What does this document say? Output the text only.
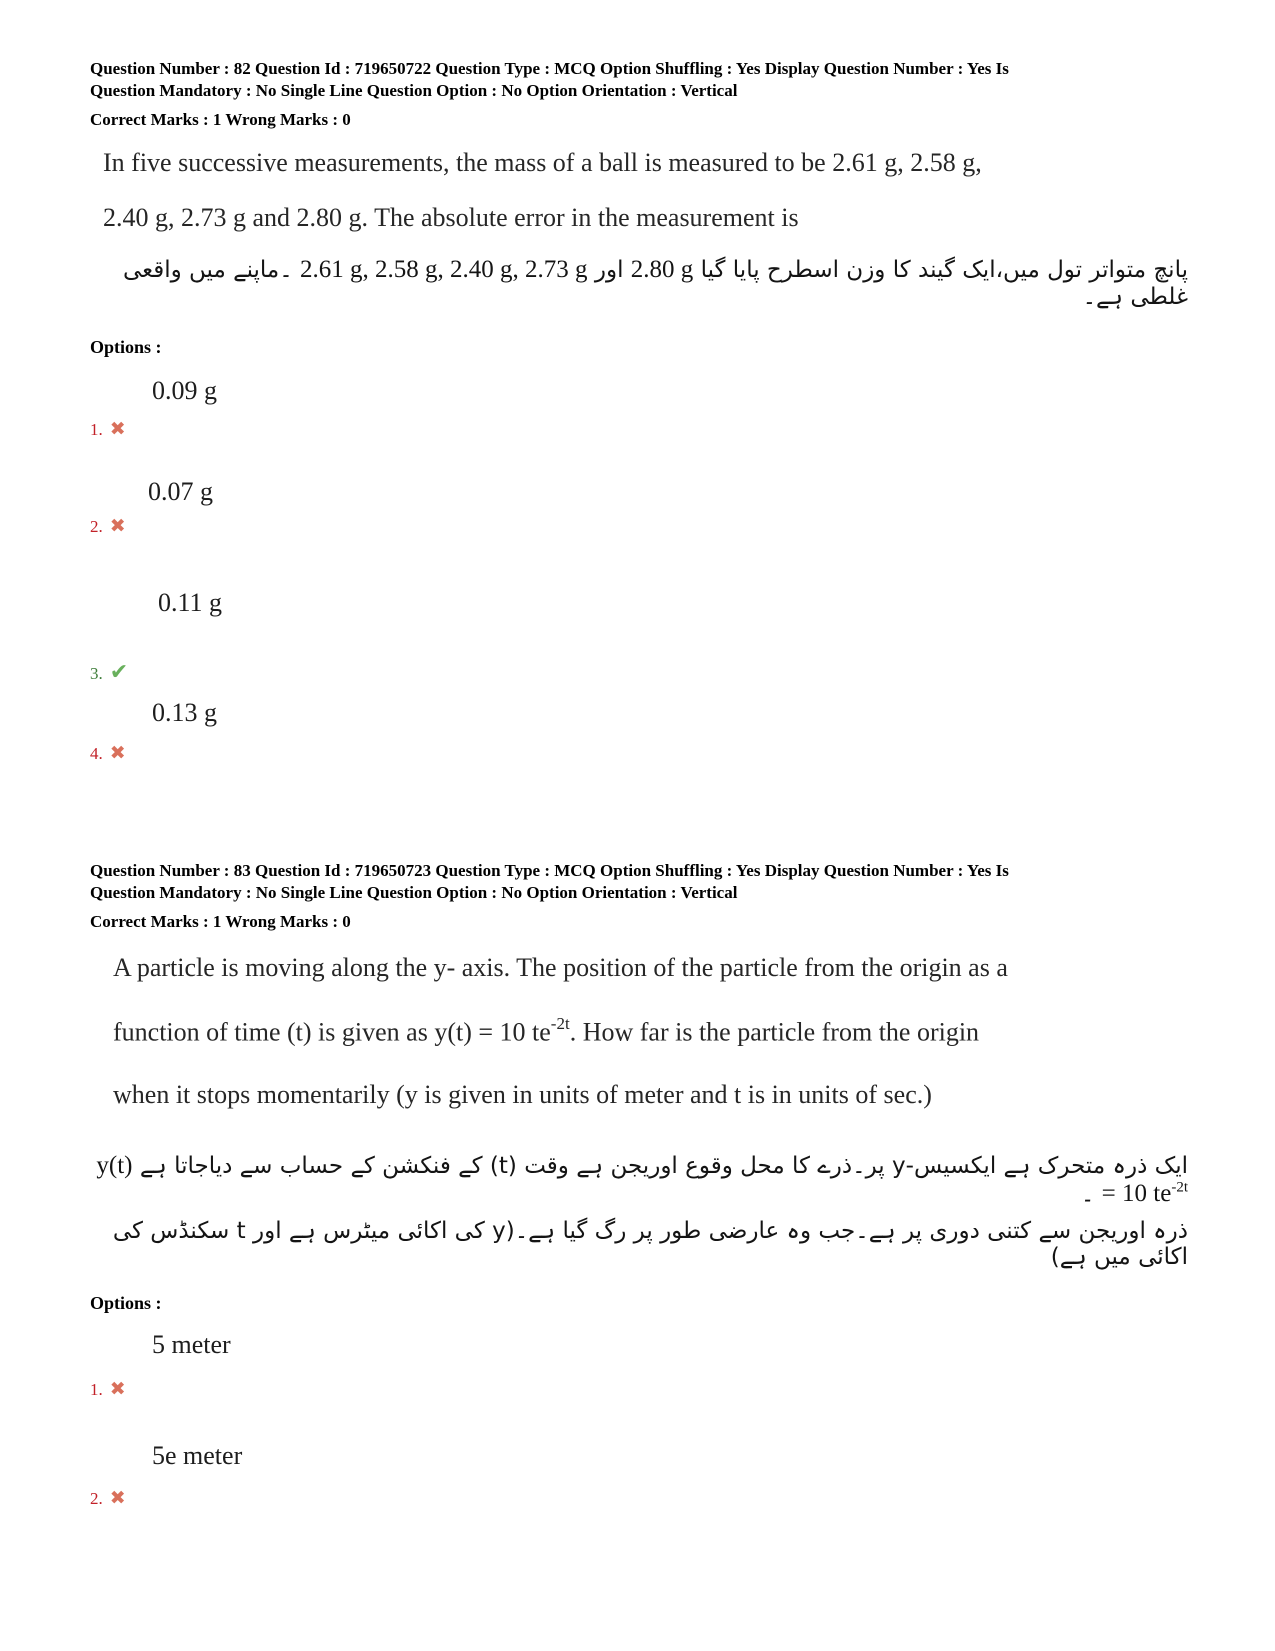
Question Number : 82 Question Id : 719650722 Question Type : MCQ Option Shuffling : Yes Display Question Number : Yes Is
Question Mandatory : No Single Line Question Option : No Option Orientation : Vertical
Correct Marks : 1 Wrong Marks : 0
In five successive measurements, the mass of a ball is measured to be 2.61 g, 2.58 g,
2.40 g, 2.73 g and 2.80 g. The absolute error in the measurement is
پانچ متواتر تول میں،ایک گیند کا وزن اسطرح پایا گیا 2.80 g اور 2.61 g, 2.58 g, 2.40 g, 2.73 g ۔ماپنے میں واقعی غلطی ہے۔
Options :
0.09 g
1. ✖
0.07 g
2. ✖
0.11 g
3. ✔
0.13 g
4. ✖
Question Number : 83 Question Id : 719650723 Question Type : MCQ Option Shuffling : Yes Display Question Number : Yes Is
Question Mandatory : No Single Line Question Option : No Option Orientation : Vertical
Correct Marks : 1 Wrong Marks : 0
A particle is moving along the y- axis. The position of the particle from the origin as a
function of time (t) is given as y(t) = 10 $te^{-2t}$. How far is the particle from the origin
when it stops momentarily (y is given in units of meter and t is in units of sec.)
ایک ذرہ متحرک ہے ایکسیس-y پر۔ذرے کا محل وقوع اوریجن ہے وقت (t) کے فنکشن کے حساب سے دیاجاتا ہے y(t) = 10 $te^{-2t}$ ۔
ذرہ اوریجن سے کتنی دوری پر ہے۔جب وہ عارضی طور پر رگ گیا ہے۔(y کی اکائی میٹرس ہے اور t سکنڈس کی اکائی میں ہے)
Options :
5 meter
1. ✖
5e meter
2. ✖
